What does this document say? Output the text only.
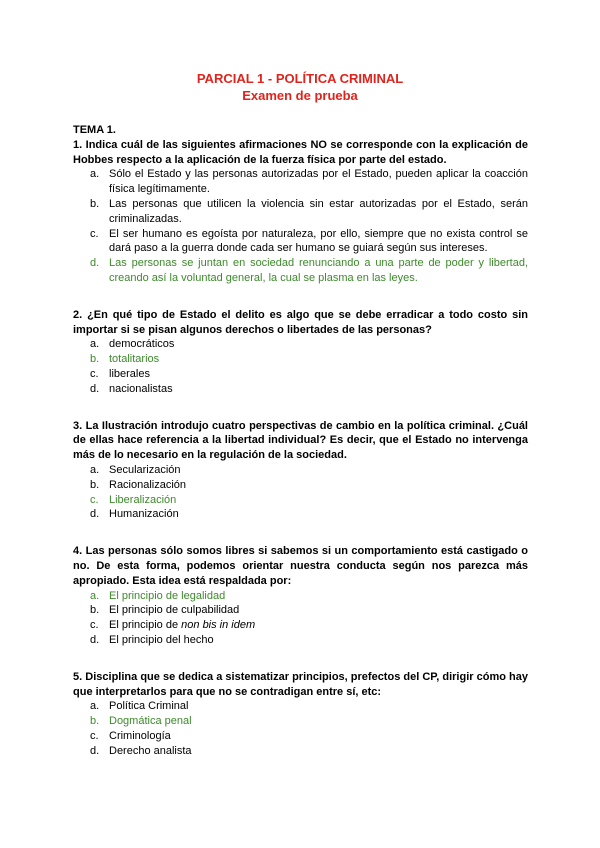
PARCIAL 1 - POLÍTICA CRIMINAL
Examen de prueba

TEMA 1.

1. Indica cuál de las siguientes afirmaciones NO se corresponde con la explicación de Hobbes respecto a la aplicación de la fuerza física por parte del estado.

a. Sólo el Estado y las personas autorizadas por el Estado, pueden aplicar la coacción física legítimamente.
b. Las personas que utilicen la violencia sin estar autorizadas por el Estado, serán criminalizadas.
c. El ser humano es egoísta por naturaleza, por ello, siempre que no exista control se dará paso a la guerra donde cada ser humano se guiará según sus intereses.
d. Las personas se juntan en sociedad renunciando a una parte de poder y libertad, creando así la voluntad general, la cual se plasma en las leyes.

2. ¿En qué tipo de Estado el delito es algo que se debe erradicar a todo costo sin importar si se pisan algunos derechos o libertades de las personas?

a. democráticos
b. totalitarios
c. liberales
d. nacionalistas

3. La Ilustración introdujo cuatro perspectivas de cambio en la política criminal. ¿Cuál de ellas hace referencia a la libertad individual? Es decir, que el Estado no intervenga más de lo necesario en la regulación de la sociedad.

a. Secularización
b. Racionalización
c. Liberalización
d. Humanización

4. Las personas sólo somos libres si sabemos si un comportamiento está castigado o no. De esta forma, podemos orientar nuestra conducta según nos parezca más apropiado. Esta idea está respaldada por:

a. El principio de legalidad
b. El principio de culpabilidad
c. El principio de non bis in idem
d. El principio del hecho

5. Disciplina que se dedica a sistematizar principios, prefectos del CP, dirigir cómo hay que interpretarlos para que no se contradigan entre sí, etc:

a. Política Criminal
b. Dogmática penal
c. Criminología
d. Derecho analista
